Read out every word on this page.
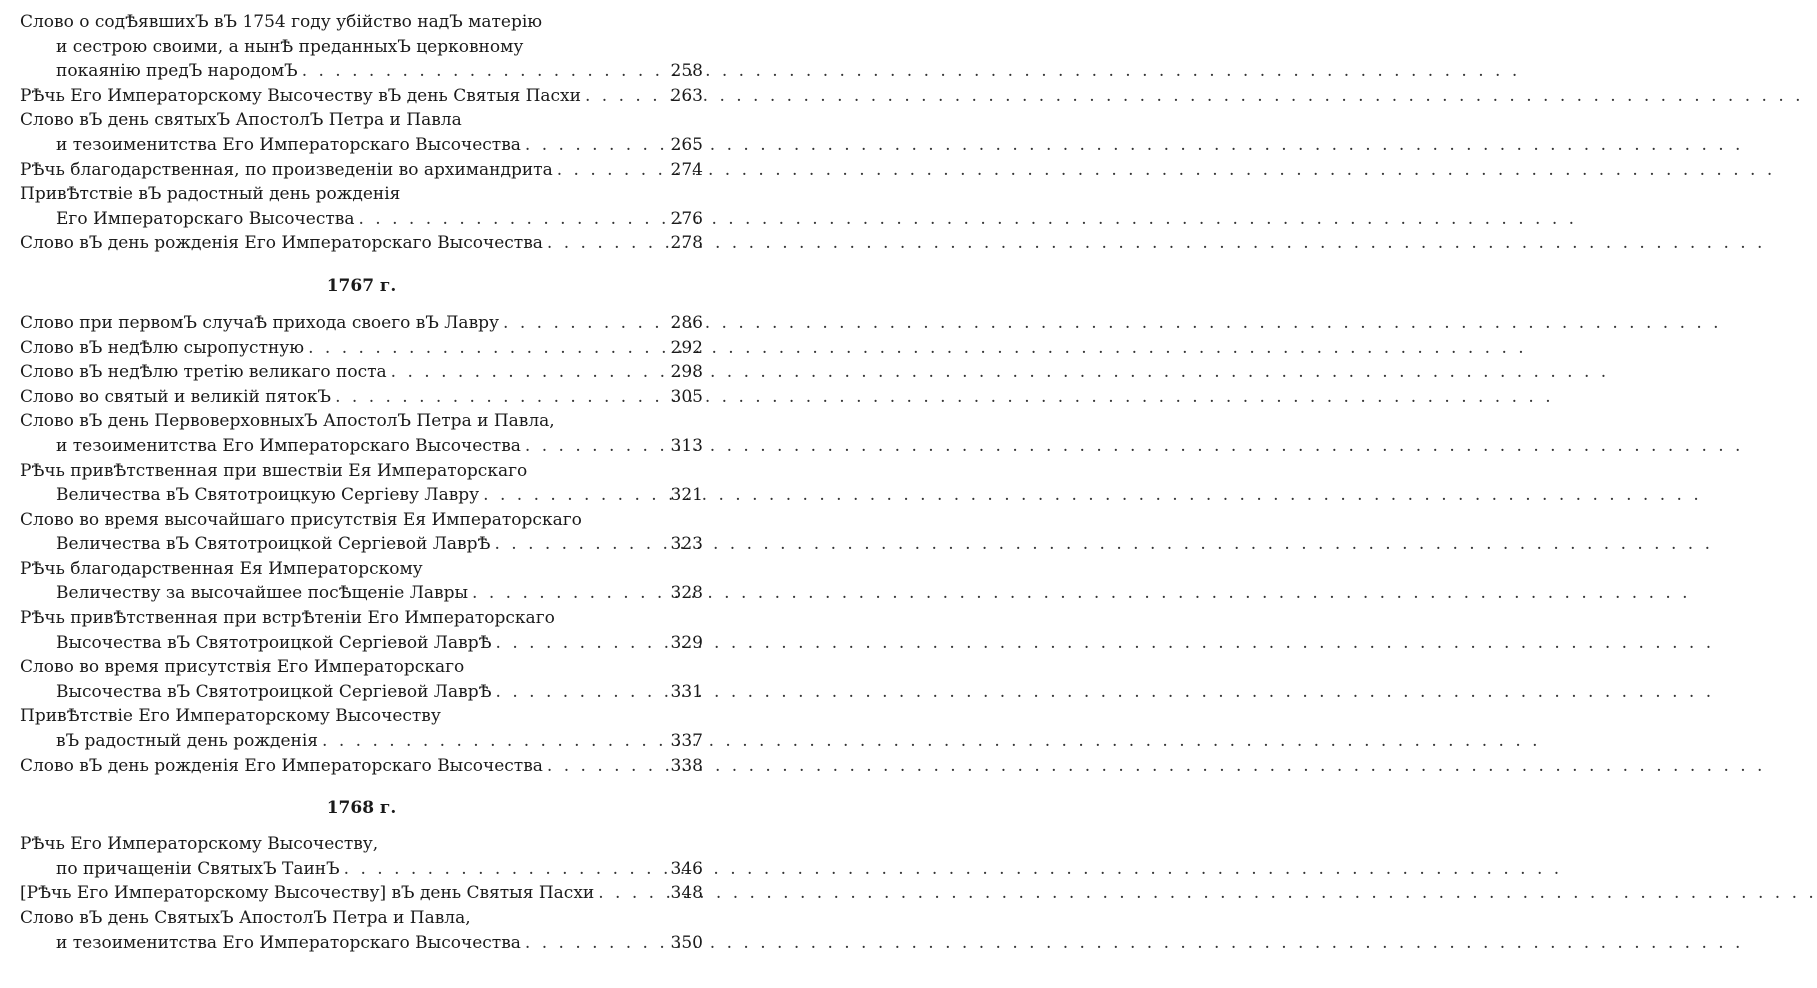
Слово о содѢявшихЪ вЪ 1754 году убійство надЪ матерію
и сестрою своими, а нынѢ преданныхЪ церковному
покаянію предЪ народомЪ . . .	258
РѢчь Его Императорскому Высочеству вЪ день Святыя Пасхи . . .	263
Слово вЪ день святыхЪ АпостолЪ Петра и Павла
и тезоименитства Его Императорскаго Высочества . . .	265
РѢчь благодарственная, по произведеніи во архимандрита . . .	274
ПривѢтствіе вЪ радостный день рожденія
Его Императорскаго Высочества . . .	276
Слово вЪ день рожденія Его Императорскаго Высочества . . .	278
1767 г.
Слово при первомЪ случаѢ прихода своего вЪ Лавру . . .	286
Слово вЪ недѢлю сыропустную . . .	292
Слово вЪ недѢлю третію великаго поста . . .	298
Слово во святый и великій пятокЪ . . .	305
Слово вЪ день ПервоверховныхЪ АпостолЪ Петра и Павла,
и тезоименитства Его Императорскаго Высочества . . .	313
РѢчь привѢтственная при вшествіи Ея Императорскаго
Величества вЪ Святотроицкую Сергіеву Лавру . . .	321
Слово во время высочайшаго присутствія Ея Императорскаго
Величества вЪ Святотроицкой Сергіевой ЛаврѢ . . .	323
РѢчь благодарственная Ея Императорскому
Величеству за высочайшее посѢщеніе Лавры . . .	328
РѢчь привѢтственная при встрѢтеніи Его Императорскаго
Высочества вЪ Святотроицкой Сергіевой ЛаврѢ . . .	329
Слово во время присутствія Его Императорскаго
Высочества вЪ Святотроицкой Сергіевой ЛаврѢ . . .	331
ПривѢтствіе Его Императорскому Высочеству
вЪ радостный день рожденія . . .	337
Слово вЪ день рожденія Его Императорскаго Высочества . . .	338
1768 г.
РѢчь Его Императорскому Высочеству,
по причащеніи СвятыхЪ ТаинЪ . . .	346
[РѢчь Его Императорскому Высочеству] вЪ день Святыя Пасхи . . .	348
Слово вЪ день СвятыхЪ АпостолЪ Петра и Павла,
и тезоименитства Его Императорскаго Высочества . . .	350
